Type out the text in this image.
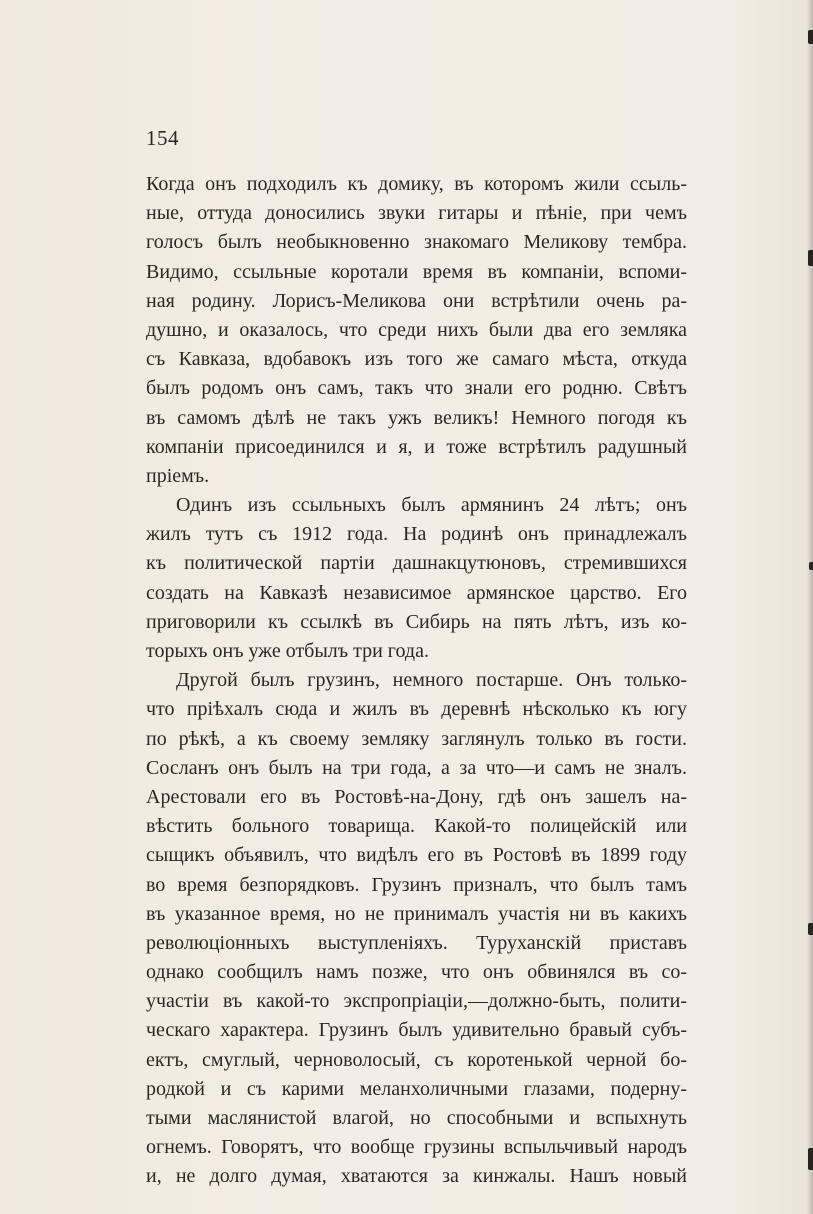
154
Когда онъ подходилъ къ домику, въ которомъ жили ссыль-
ные, оттуда доносились звуки гитары и пѣніе, при чемъ
голосъ былъ необыкновенно знакомаго Меликову тембра.
Видимо, ссыльные коротали время въ компаніи, вспоми-
ная родину. Лорисъ-Меликова они встрѣтили очень ра-
душно, и оказалось, что среди нихъ были два его земляка
съ Кавказа, вдобавокъ изъ того же самаго мѣста, откуда
былъ родомъ онъ самъ, такъ что знали его родню. Свѣтъ
въ самомъ дѣлѣ не такъ ужъ великъ! Немного погодя къ
компаніи присоединился и я, и тоже встрѣтилъ радушный
пріемъ.
Одинъ изъ ссыльныхъ былъ армянинъ 24 лѣтъ; онъ
жилъ тутъ съ 1912 года. На родинѣ онъ принадлежалъ
къ политической партіи дашнакцутюновъ, стремившихся
создать на Кавказѣ независимое армянское царство. Его
приговорили къ ссылкѣ въ Сибирь на пять лѣтъ, изъ ко-
торыхъ онъ уже отбылъ три года.
Другой былъ грузинъ, немного постарше. Онъ только-
что пріѣхалъ сюда и жилъ въ деревнѣ нѣсколько къ югу
по рѣкѣ, а къ своему земляку заглянулъ только въ гости.
Сосланъ онъ былъ на три года, а за что—и самъ не зналъ.
Арестовали его въ Ростовѣ-на-Дону, гдѣ онъ зашелъ на-
вѣстить больного товарища. Какой-то полицейскій или
сыщикъ объявилъ, что видѣлъ его въ Ростовѣ въ 1899 году
во время безпорядковъ. Грузинъ призналъ, что былъ тамъ
въ указанное время, но не принималъ участія ни въ какихъ
революціонныхъ выступленіяхъ. Туруханскій приставъ
однако сообщилъ намъ позже, что онъ обвинялся въ со-
участіи въ какой-то экспропріаціи,—должно-быть, полити-
ческаго характера. Грузинъ былъ удивительно бравый субъ-
ектъ, смуглый, черноволосый, съ коротенькой черной бо-
родкой и съ карими меланхоличными глазами, подерну-
тыми маслянистой влагой, но способными и вспыхнуть
огнемъ. Говорятъ, что вообще грузины вспыльчивый народъ
и, не долго думая, хватаются за кинжалы. Нашъ новый
